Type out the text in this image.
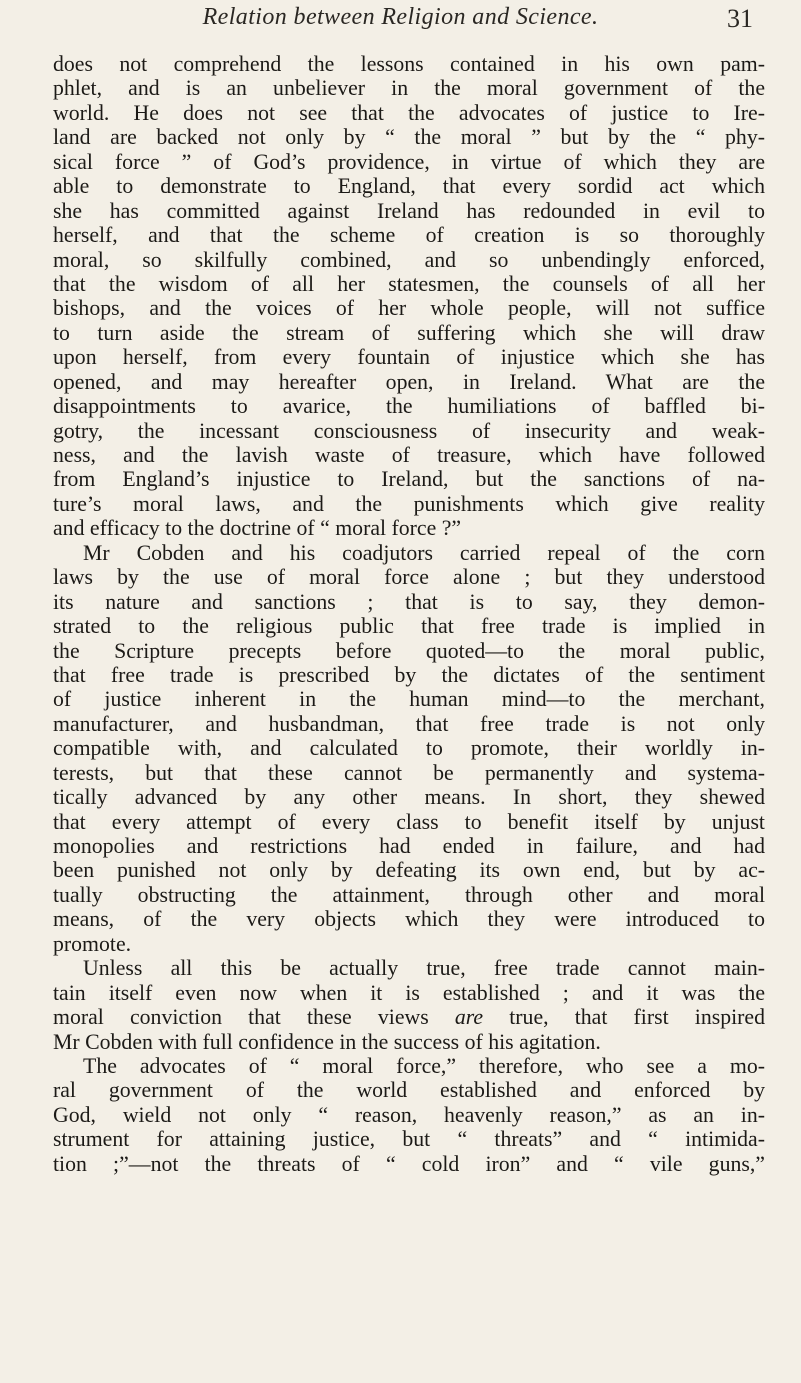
Relation between Religion and Science.	31
does not comprehend the lessons contained in his own pam-
phlet, and is an unbeliever in the moral government of the
world. He does not see that the advocates of justice to Ire-
land are backed not only by “ the moral ” but by the “ phy-
sical force ” of God’s providence, in virtue of which they are
able to demonstrate to England, that every sordid act which
she has committed against Ireland has redounded in evil to
herself, and that the scheme of creation is so thoroughly
moral, so skilfully combined, and so unbendingly enforced,
that the wisdom of all her statesmen, the counsels of all her
bishops, and the voices of her whole people, will not suffice
to turn aside the stream of suffering which she will draw
upon herself, from every fountain of injustice which she has
opened, and may hereafter open, in Ireland. What are the
disappointments to avarice, the humiliations of baffled bi-
gotry, the incessant consciousness of insecurity and weak-
ness, and the lavish waste of treasure, which have followed
from England’s injustice to Ireland, but the sanctions of na-
ture’s moral laws, and the punishments which give reality
and efficacy to the doctrine of “ moral force ?”
Mr Cobden and his coadjutors carried repeal of the corn
laws by the use of moral force alone ; but they understood
its nature and sanctions ; that is to say, they demon-
strated to the religious public that free trade is implied in
the Scripture precepts before quoted—to the moral public,
that free trade is prescribed by the dictates of the sentiment
of justice inherent in the human mind—to the merchant,
manufacturer, and husbandman, that free trade is not only
compatible with, and calculated to promote, their worldly in-
terests, but that these cannot be permanently and systema-
tically advanced by any other means. In short, they shewed
that every attempt of every class to benefit itself by unjust
monopolies and restrictions had ended in failure, and had
been punished not only by defeating its own end, but by ac-
tually obstructing the attainment, through other and moral
means, of the very objects which they were introduced to
promote.
Unless all this be actually true, free trade cannot main-
tain itself even now when it is established ; and it was the
moral conviction that these views are true, that first inspired
Mr Cobden with full confidence in the success of his agitation.
The advocates of “ moral force,” therefore, who see a mo-
ral government of the world established and enforced by
God, wield not only “ reason, heavenly reason,” as an in-
strument for attaining justice, but “ threats” and “ intimida-
tion ;”—not the threats of “ cold iron” and “ vile guns,”
